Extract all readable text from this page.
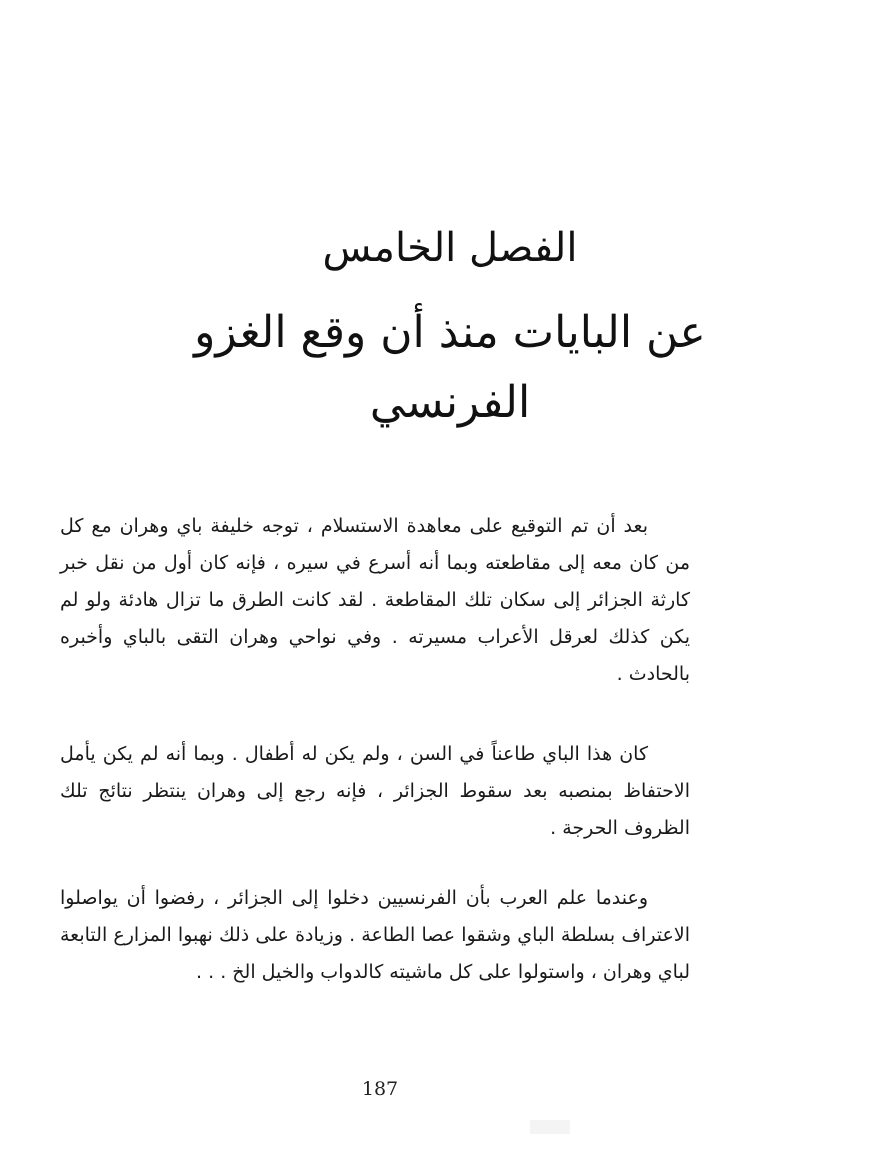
الفصل الخامس
عن البايات منذ أن وقع الغزو الفرنسي

بعد أن تم التوقيع على معاهدة الاستسلام ، توجه خليفة باي وهران مع كل من كان معه إلى مقاطعته وبما أنه أسرع في سيره ، فإنه كان أول من نقل خبر كارثة الجزائر إلى سكان تلك المقاطعة . لقد كانت الطرق ما تزال هادئة ولو لم يكن كذلك لعرقل الأعراب مسيرته . وفي نواحي وهران التقى بالباي وأخبره بالحادث .

كان هذا الباي طاعناً في السن ، ولم يكن له أطفال . وبما أنه لم يكن يأمل الاحتفاظ بمنصبه بعد سقوط الجزائر ، فإنه رجع إلى وهران ينتظر نتائج تلك الظروف الحرجة .

وعندما علم العرب بأن الفرنسيين دخلوا إلى الجزائر ، رفضوا أن يواصلوا الاعتراف بسلطة الباي وشقوا عصا الطاعة . وزيادة على ذلك نهبوا المزارع التابعة لباي وهران ، واستولوا على كل ماشيته كالدواب والخيل الخ . . .

187
